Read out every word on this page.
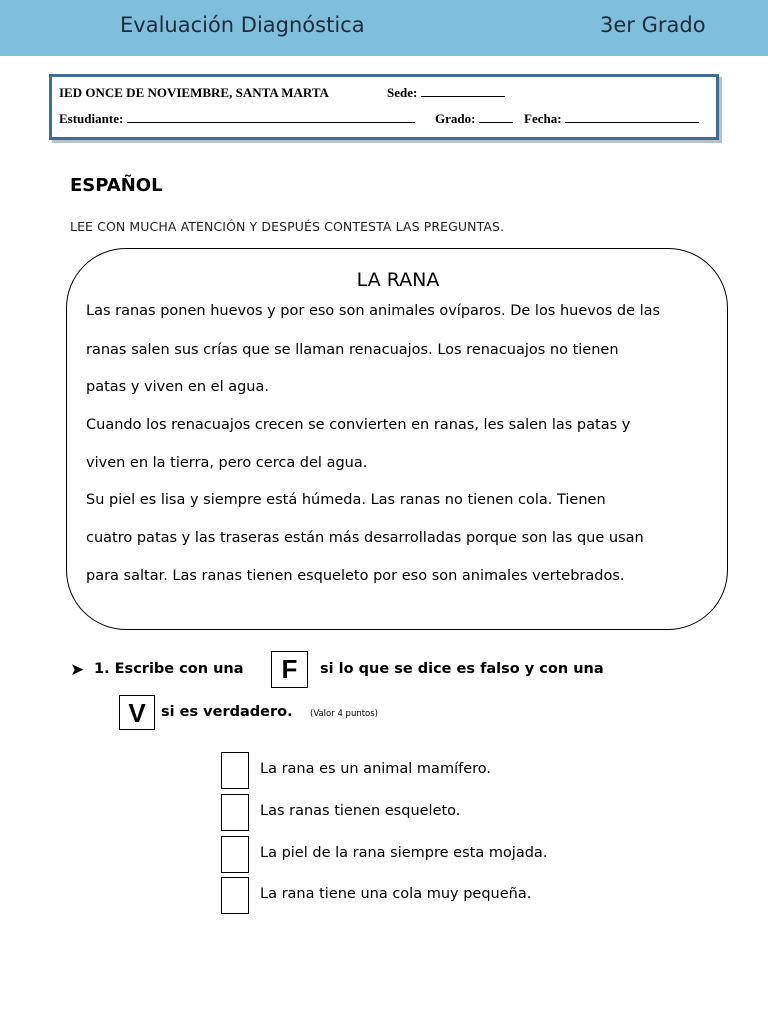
Evaluación Diagnóstica	3er Grado
IED ONCE DE NOVIEMBRE, SANTA MARTA	Sede:
Estudiante:	Grado:	Fecha:
ESPAÑOL
LEE CON MUCHA ATENCIÓN Y DESPUÉS CONTESTA LAS PREGUNTAS.
LA RANA
Las ranas ponen huevos y por eso son animales ovíparos. De los huevos de las
ranas salen sus crías que se llaman renacuajos. Los renacuajos no tienen
patas y viven en el agua.
Cuando los renacuajos crecen se convierten en ranas, les salen las patas y
viven en la tierra, pero cerca del agua.
Su piel es lisa y siempre está húmeda. Las ranas no tienen cola. Tienen
cuatro patas y las traseras están más desarrolladas porque son las que usan
para saltar. Las ranas tienen esqueleto por eso son animales vertebrados.
➤ 1. Escribe con una	F	si lo que se dice es falso y con una
V	si es verdadero. (Valor 4 puntos)
La rana es un animal mamífero.
Las ranas tienen esqueleto.
La piel de la rana siempre esta mojada.
La rana tiene una cola muy pequeña.
